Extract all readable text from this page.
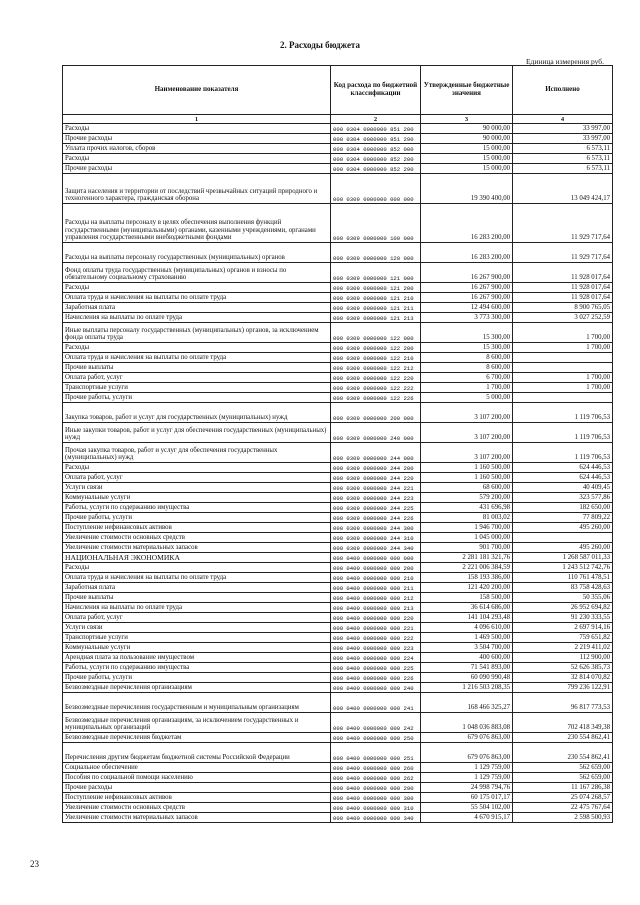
2. Расходы бюджета
Единица измерения руб.
Наименование показателя	Код расхода по бюджетной классификации	Утвержденные бюджетные значения	Исполнено
1	2	3	4
Расходы	000 0304 0000000 851 200	90 000,00	33 997,00
Прочие расходы	000 0304 0000000 851 290	90 000,00	33 997,00
Уплата прочих налогов, сборов	000 0304 0000000 852 000	15 000,00	6 573,11
Расходы	000 0304 0000000 852 200	15 000,00	6 573,11
Прочие расходы	000 0304 0000000 852 290	15 000,00	6 573,11
Защита населения и территории от последствий чрезвычайных ситуаций природного и техногенного характера, гражданская оборона	000 0309 0000000 000 000	19 390 400,00	13 049 424,17
Расходы на выплаты персоналу в целях обеспечения выполнения функций государственными (муниципальными) органами, казенными учреждениями, органами управления государственными внебюджетными фондами	000 0309 0000000 100 000	16 283 200,00	11 929 717,64
Расходы на выплаты персоналу государственных (муниципальных) органов	000 0309 0000000 120 000	16 283 200,00	11 929 717,64
Фонд оплаты труда государственных (муниципальных) органов и взносы по обязательному социальному страхованию	000 0309 0000000 121 000	16 267 900,00	11 928 017,64
Расходы	000 0309 0000000 121 200	16 267 900,00	11 928 017,64
Оплата труда и начисления на выплаты по оплате труда	000 0309 0000000 121 210	16 267 900,00	11 928 017,64
Заработная плата	000 0309 0000000 121 211	12 494 600,00	8 900 765,05
Начисления на выплаты по оплате труда	000 0309 0000000 121 213	3 773 300,00	3 027 252,59
Иные выплаты персоналу государственных (муниципальных) органов, за исключением фонда оплаты труда	000 0309 0000000 122 000	15 300,00	1 700,00
Расходы	000 0309 0000000 122 200	15 300,00	1 700,00
Оплата труда и начисления на выплаты по оплате труда	000 0309 0000000 122 210	8 600,00	
Прочие выплаты	000 0309 0000000 122 212	8 600,00	
Оплата работ, услуг	000 0309 0000000 122 220	6 700,00	1 700,00
Транспортные услуги	000 0309 0000000 122 222	1 700,00	1 700,00
Прочие работы, услуги	000 0309 0000000 122 226	5 000,00	
Закупка товаров, работ и услуг для государственных (муниципальных) нужд	000 0309 0000000 200 000	3 107 200,00	1 119 706,53
Иные закупки товаров, работ и услуг для обеспечения государственных (муниципальных) нужд	000 0309 0000000 240 000	3 107 200,00	1 119 706,53
Прочая закупка товаров, работ и услуг для обеспечения государственных (муниципальных) нужд	000 0309 0000000 244 000	3 107 200,00	1 119 706,53
Расходы	000 0309 0000000 244 200	1 160 500,00	624 446,53
Оплата работ, услуг	000 0309 0000000 244 220	1 160 500,00	624 446,53
Услуги связи	000 0309 0000000 244 221	68 600,00	40 409,45
Коммунальные услуги	000 0309 0000000 244 223	579 200,00	323 577,86
Работы, услуги по содержанию имущества	000 0309 0000000 244 225	431 696,98	182 650,00
Прочие работы, услуги	000 0309 0000000 244 226	81 003,02	77 809,22
Поступление нефинансовых активов	000 0309 0000000 244 300	1 946 700,00	495 260,00
Увеличение стоимости основных средств	000 0309 0000000 244 310	1 045 000,00	
Увеличение стоимости материальных запасов	000 0309 0000000 244 340	901 700,00	495 260,00
НАЦИОНАЛЬНАЯ ЭКОНОМИКА	000 0400 0000000 000 000	2 281 181 321,76	1 268 587 011,33
Расходы	000 0400 0000000 000 200	2 221 006 384,59	1 243 512 742,76
Оплата труда и начисления на выплаты по оплате труда	000 0400 0000000 000 210	158 193 386,00	110 761 478,51
Заработная плата	000 0400 0000000 000 211	121 420 200,00	83 758 428,63
Прочие выплаты	000 0400 0000000 000 212	158 500,00	50 355,06
Начисления на выплаты по оплате труда	000 0400 0000000 000 213	36 614 686,00	26 952 694,82
Оплата работ, услуг	000 0400 0000000 000 220	141 104 293,48	91 230 333,55
Услуги связи	000 0400 0000000 000 221	4 096 610,00	2 697 914,16
Транспортные услуги	000 0400 0000000 000 222	1 469 500,00	759 651,82
Коммунальные услуги	000 0400 0000000 000 223	3 504 700,00	2 219 411,02
Арендная плата за пользование имуществом	000 0400 0000000 000 224	400 600,00	112 900,00
Работы, услуги по содержанию имущества	000 0400 0000000 000 225	71 541 893,00	52 626 385,73
Прочие работы, услуги	000 0400 0000000 000 226	60 090 990,48	32 814 070,82
Безвозмездные перечисления организациям	000 0400 0000000 000 240	1 216 503 208,35	799 236 122,91
Безвозмездные перечисления государственным и муниципальным организациям	000 0400 0000000 000 241	168 466 325,27	96 817 773,53
Безвозмездные перечисления организациям, за исключением государственных и муниципальных организаций	000 0400 0000000 000 242	1 048 036 883,08	702 418 349,38
Безвозмездные перечисления бюджетам	000 0400 0000000 000 250	679 076 863,00	230 554 862,41
Перечисления другим бюджетам бюджетной системы Российской Федерации	000 0400 0000000 000 251	679 076 863,00	230 554 862,41
Социальное обеспечение	000 0400 0000000 000 260	1 129 759,00	562 659,00
Пособия по социальной помощи населению	000 0400 0000000 000 262	1 129 759,00	562 659,00
Прочие расходы	000 0400 0000000 000 290	24 998 794,76	11 167 286,38
Поступление нефинансовых активов	000 0400 0000000 000 300	60 175 017,17	25 074 268,57
Увеличение стоимости основных средств	000 0400 0000000 000 310	55 504 102,00	22 475 767,64
Увеличение стоимости материальных запасов	000 0400 0000000 000 340	4 670 915,17	2 598 500,93
23
